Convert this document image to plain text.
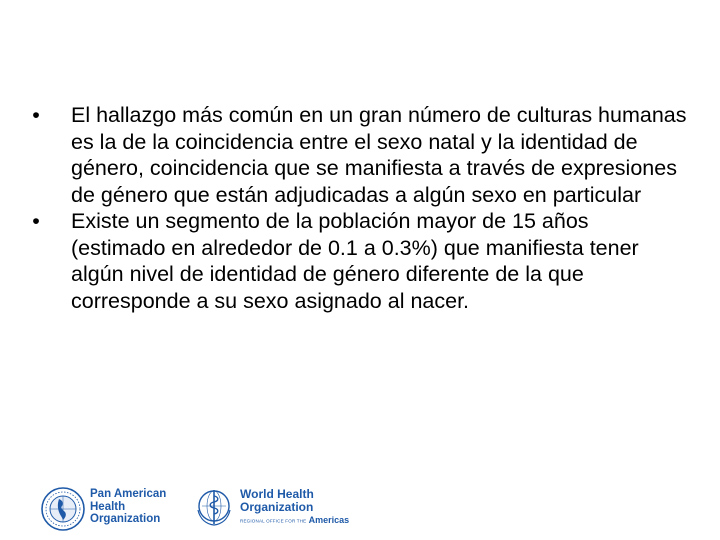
• El hallazgo más común en un gran número de culturas humanas es la de la coincidencia entre el sexo natal y la identidad de género, coincidencia que se manifiesta a través de expresiones de género que están adjudicadas a algún sexo en particular
• Existe un segmento de la población mayor de 15 años (estimado en alrededor de 0.1 a 0.3%) que manifiesta tener algún nivel de identidad de género diferente de la que corresponde a su sexo asignado al nacer.
Pan American
Health
Organization
World Health
Organization
REGIONAL OFFICE FOR THE Americas
